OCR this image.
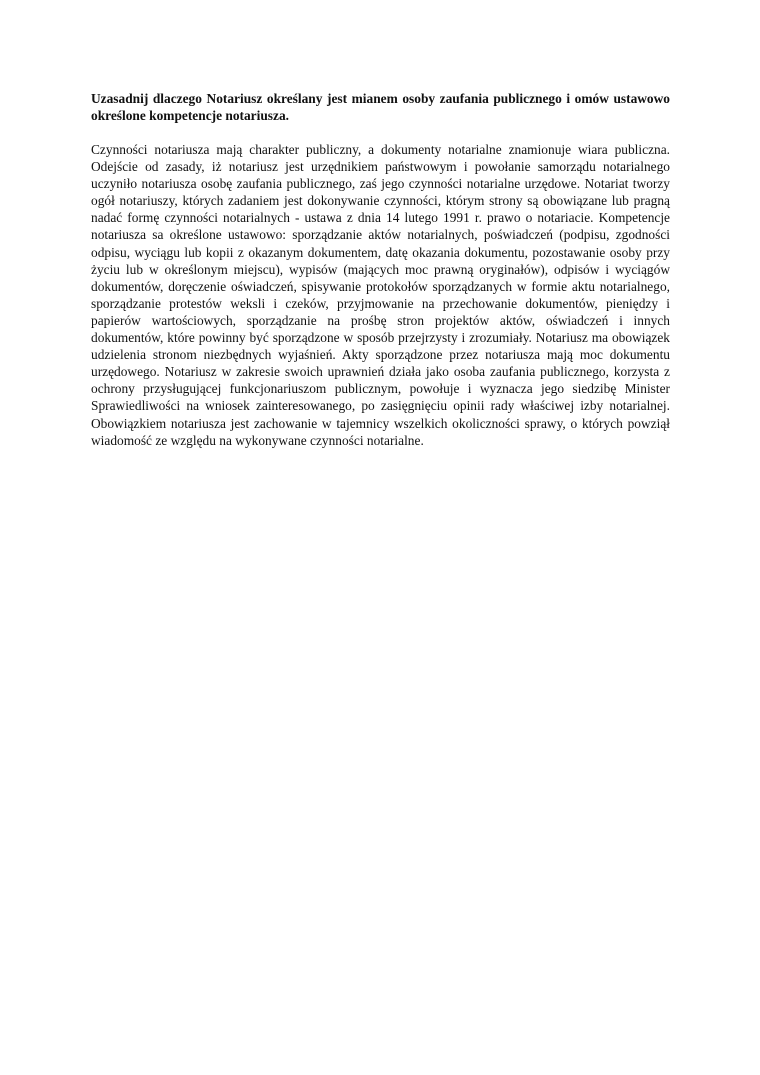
Uzasadnij dlaczego Notariusz określany jest mianem osoby zaufania publicznego i omów ustawowo określone kompetencje notariusza.

Czynności notariusza mają charakter publiczny, a dokumenty notarialne znamionuje wiara publiczna. Odejście od zasady, iż notariusz jest urzędnikiem państwowym i powołanie samorządu notarialnego uczyniło notariusza osobę zaufania publicznego, zaś jego czynności notarialne urzędowe. Notariat tworzy ogół notariuszy, których zadaniem jest dokonywanie czynności, którym strony są obowiązane lub pragną nadać formę czynności notarialnych - ustawa z dnia 14 lutego 1991 r. prawo o notariacie. Kompetencje notariusza sa określone ustawowo: sporządzanie aktów notarialnych, poświadczeń (podpisu, zgodności odpisu, wyciągu lub kopii z okazanym dokumentem, datę okazania dokumentu, pozostawanie osoby przy życiu lub w określonym miejscu), wypisów (mających moc prawną oryginałów), odpisów i wyciągów dokumentów, doręczenie oświadczeń, spisywanie protokołów sporządzanych w formie aktu notarialnego, sporządzanie protestów weksli i czeków, przyjmowanie na przechowanie dokumentów, pieniędzy i papierów wartościowych, sporządzanie na prośbę stron projektów aktów, oświadczeń i innych dokumentów, które powinny być sporządzone w sposób przejrzysty i zrozumiały. Notariusz ma obowiązek udzielenia stronom niezbędnych wyjaśnień. Akty sporządzone przez notariusza mają moc dokumentu urzędowego. Notariusz w zakresie swoich uprawnień działa jako osoba zaufania publicznego, korzysta z ochrony przysługującej funkcjonariuszom publicznym, powołuje i wyznacza jego siedzibę Minister Sprawiedliwości na wniosek zainteresowanego, po zasięgnięciu opinii rady właściwej izby notarialnej. Obowiązkiem notariusza jest zachowanie w tajemnicy wszelkich okoliczności sprawy, o których powziął wiadomość ze względu na wykonywane czynności notarialne.
